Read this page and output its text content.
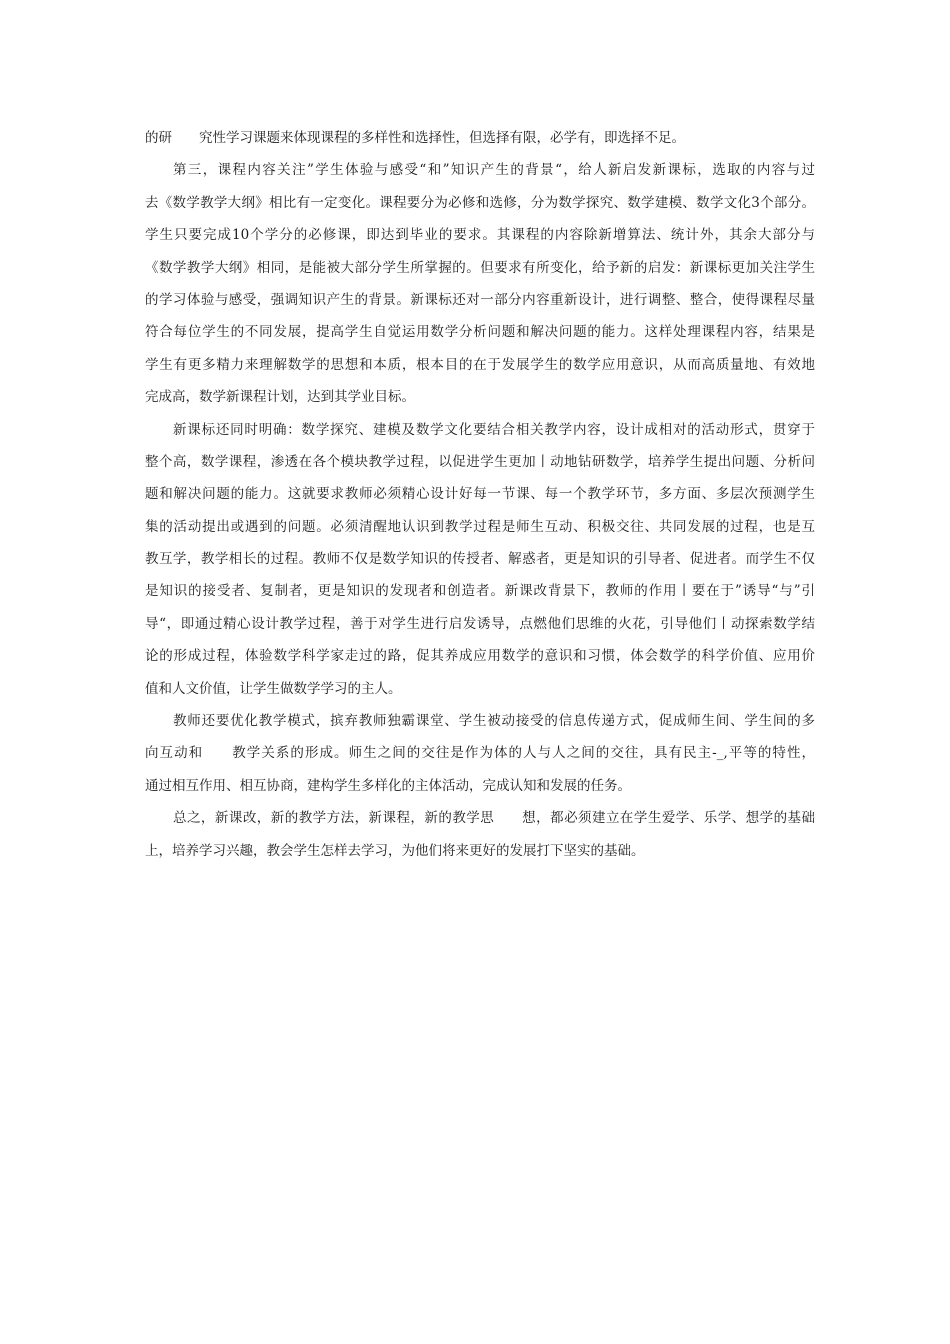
的研　　究性学习课题来体现课程的多样性和选择性，但选择有限，必学有，即选择不足。
第三，课程内容关注”学生体验与感受“和”知识产生的背景“，给人新启发新课标，选取的内容与过
去《数学教学大纲》相比有一定变化。课程要分为必修和选修，分为数学探究、数学建模、数学文化3个部分。
学生只要完成10个学分的必修课，即达到毕业的要求。其课程的内容除新增算法、统计外，其余大部分与
《数学教学大纲》相同，是能被大部分学生所掌握的。但要求有所变化，给予新的启发：新课标更加关注学生
的学习体验与感受，强调知识产生的背景。新课标还对一部分内容重新设计，进行调整、整合，使得课程尽量
符合每位学生的不同发展，提高学生自觉运用数学分析问题和解决问题的能力。这样处理课程内容，结果是
学生有更多精力来理解数学的思想和本质，根本目的在于发展学生的数学应用意识，从而高质量地、有效地
完成高，数学新课程计划，达到其学业目标。
新课标还同时明确：数学探究、建模及数学文化要结合相关教学内容，设计成相对的活动形式，贯穿于
整个高，数学课程，渗透在各个模块教学过程，以促进学生更加丨动地钻研数学，培养学生提出问题、分析问
题和解决问题的能力。这就要求教师必须精心设计好每一节课、每一个教学环节，多方面、多层次预测学生
集的活动提出或遇到的问题。必须清醒地认识到教学过程是师生互动、积极交往、共同发展的过程，也是互
教互学，教学相长的过程。教师不仅是数学知识的传授者、解惑者，更是知识的引导者、促进者。而学生不仅
是知识的接受者、复制者，更是知识的发现者和创造者。新课改背景下，教师的作用丨要在于”诱导“与”引
导“，即通过精心设计教学过程，善于对学生进行启发诱导，点燃他们思维的火花，引导他们丨动探索数学结
论的形成过程，体验数学科学家走过的路，促其养成应用数学的意识和习惯，体会数学的科学价值、应用价
值和人文价值，让学生做数学学习的主人。
教师还要优化教学模式，摈弃教师独霸课堂、学生被动接受的信息传递方式，促成师生间、学生间的多
向互动和　　教学关系的形成。师生之间的交往是作为体的人与人之间的交往，具有民主-_,平等的特性，
通过相互作用、相互协商，建构学生多样化的主体活动，完成认知和发展的任务。
总之，新课改，新的教学方法，新课程，新的教学思　　想，都必须建立在学生爱学、乐学、想学的基础
上，培养学习兴趣，教会学生怎样去学习，为他们将来更好的发展打下坚实的基础。
